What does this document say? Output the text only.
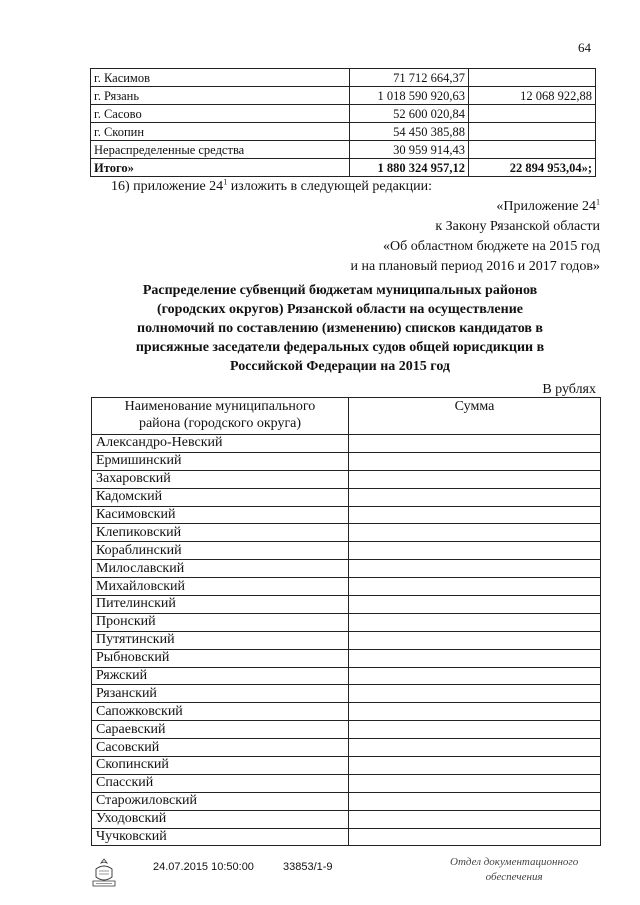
64
г. Касимов	71 712 664,37	
г. Рязань	1 018 590 920,63	12 068 922,88
г. Сасово	52 600 020,84	
г. Скопин	54 450 385,88	
Нераспределенные средства	30 959 914,43	
Итого»	1 880 324 957,12	22 894 953,04»;
16) приложение $24^1$ изложить в следующей редакции:
«Приложение $24^1$
к Закону Рязанской области
«Об областном бюджете на 2015 год
и на плановый период 2016 и 2017 годов»
Распределение субвенций бюджетам муниципальных районов
(городских округов) Рязанской области на осуществление
полномочий по составлению (изменению) списков кандидатов в
присяжные заседатели федеральных судов общей юрисдикции в
Российской Федерации на 2015 год
В рублях
Наименование муниципального
района (городского округа)	Сумма
Александро-Невский	
Ермишинский	
Захаровский	
Кадомский	
Касимовский	
Клепиковский	
Кораблинский	
Милославский	
Михайловский	
Пителинский	
Пронский	
Путятинский	
Рыбновский	
Ряжский	
Рязанский	
Сапожковский	
Сараевский	
Сасовский	
Скопинский	
Спасский	
Старожиловский	
Уходовский	
Чучковский	
24.07.2015 10:50:00	33853/1-9	Отдел документационного
обеспечения
